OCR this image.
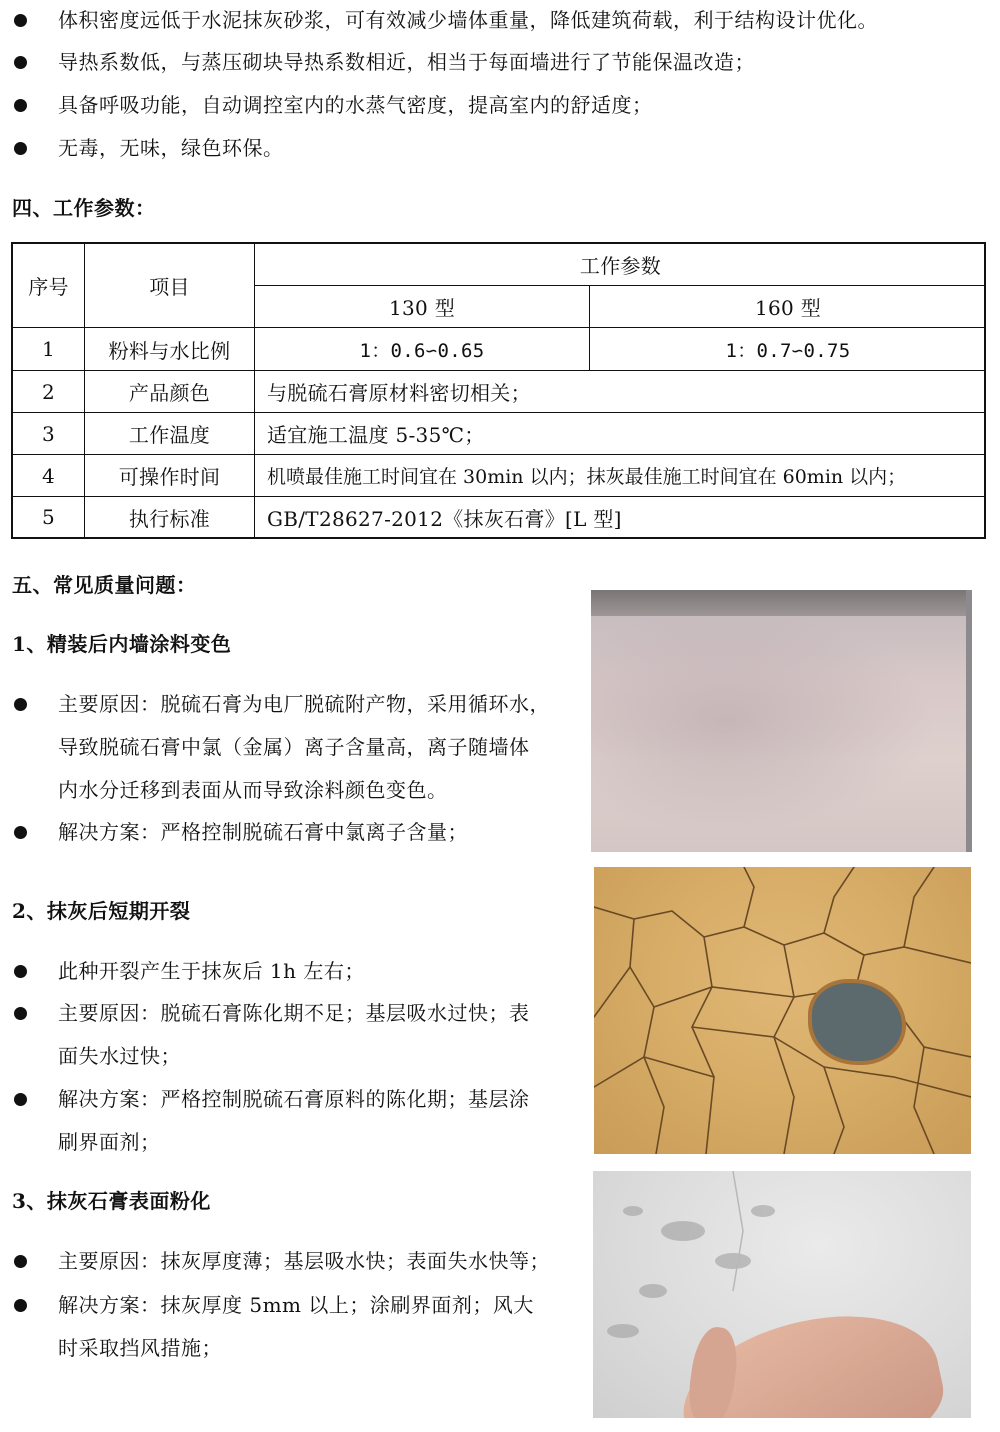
体积密度远低于水泥抹灰砂浆，可有效减少墙体重量，降低建筑荷载，利于结构设计优化。
导热系数低，与蒸压砌块导热系数相近，相当于每面墙进行了节能保温改造；
具备呼吸功能，自动调控室内的水蒸气密度，提高室内的舒适度；
无毒，无味，绿色环保。
四、工作参数：
序号	项目
工作参数
130 型	160 型
1	粉料与水比例	1：0.6∽0.65	1：0.7∽0.75
2	产品颜色	与脱硫石膏原材料密切相关；
3	工作温度	适宜施工温度 5-35℃；
4	可操作时间	机喷最佳施工时间宜在 30min 以内；抹灰最佳施工时间宜在 60min 以内；
5	执行标准	GB/T28627-2012《抹灰石膏》[L 型]
五、常见质量问题：
1、精装后内墙涂料变色
主要原因：脱硫石膏为电厂脱硫附产物，采用循环水，
导致脱硫石膏中氯（金属）离子含量高，离子随墙体
内水分迁移到表面从而导致涂料颜色变色。
解决方案：严格控制脱硫石膏中氯离子含量；
2、抹灰后短期开裂
此种开裂产生于抹灰后 1h 左右；
主要原因：脱硫石膏陈化期不足；基层吸水过快；表
面失水过快；
解决方案：严格控制脱硫石膏原料的陈化期；基层涂
刷界面剂；
3、抹灰石膏表面粉化
主要原因：抹灰厚度薄；基层吸水快；表面失水快等；
解决方案：抹灰厚度 5mm 以上；涂刷界面剂；风大
时采取挡风措施；
